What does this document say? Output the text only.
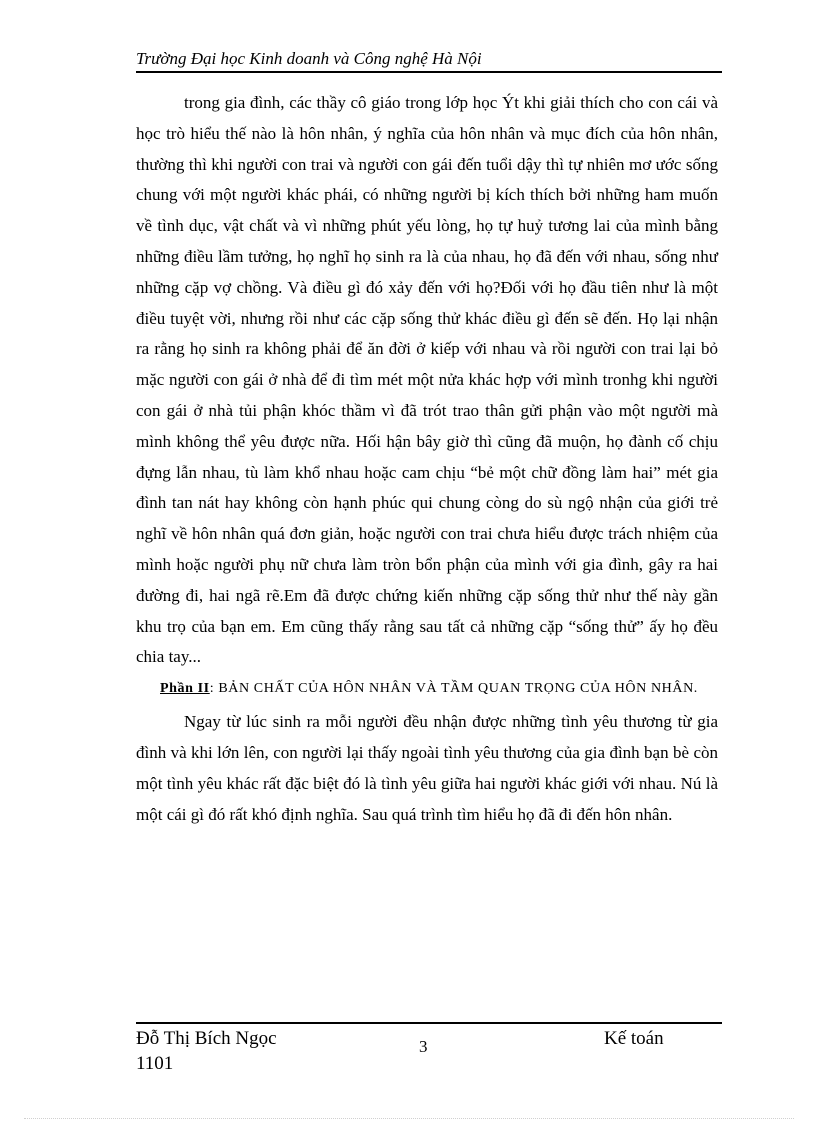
Trường Đại học Kinh doanh và Công nghệ Hà Nội

trong gia đình, các thầy cô giáo trong lớp học Ýt khi giải thích cho con cái và học trò hiểu thế nào là hôn nhân, ý nghĩa của hôn nhân và mục đích của hôn nhân, thường thì khi người con trai và người con gái đến tuổi dậy thì tự nhiên mơ ước sống chung với một người khác phái, có những người bị kích thích bởi những ham muốn về tình dục, vật chất và vì những phút yếu lòng, họ tự huỷ tương lai của mình bằng những điều lầm tưởng, họ nghĩ họ sinh ra là của nhau, họ đã đến với nhau, sống như những cặp vợ chồng. Và điều gì đó xảy đến với họ?Đối với họ đầu tiên như là một điều tuyệt vời, nhưng rồi như các cặp sống thử khác điều gì đến sẽ đến. Họ lại nhận ra rằng họ sinh ra không phải để ăn đời ở kiếp với nhau và rồi người con trai lại bỏ mặc người con gái ở nhà để đi tìm mét một nửa khác hợp với mình tronhg khi người con gái ở nhà tủi phận khóc thầm vì đã trót trao thân gửi phận vào một người mà mình không thể yêu được nữa. Hối hận bây giờ thì cũng đã muộn, họ đành cố chịu đựng lẫn nhau, tù làm khổ nhau hoặc cam chịu “bẻ một chữ đồng làm hai” mét gia đình tan nát hay không còn hạnh phúc qui chung còng do sù ngộ nhận của giới trẻ nghĩ về hôn nhân quá đơn giản, hoặc người con trai chưa hiểu được trách nhiệm của mình hoặc người phụ nữ chưa làm tròn bổn phận của mình với gia đình, gây ra hai đường đi, hai ngã rẽ.Em đã được chứng kiến những cặp sống thử như thế này gần khu trọ của bạn em. Em cũng thấy rằng sau tất cả những cặp “sống thử” ấy họ đều chia tay...

Phần II: BẢN CHẤT CỦA HÔN NHÂN VÀ TẦM QUAN TRỌNG CỦA HÔN NHÂN.

Ngay từ lúc sinh ra mỗi người đều nhận được những tình yêu thương từ gia đình và khi lớn lên, con người lại thấy ngoài tình yêu thương của gia đình bạn bè còn một tình yêu khác rất đặc biệt đó là tình yêu giữa hai người khác giới với nhau. Nú là một cái gì đó rất khó định nghĩa. Sau quá trình tìm hiểu họ đã đi đến hôn nhân.

Đỗ Thị Bích Ngọc
1101
3	Kế toán
